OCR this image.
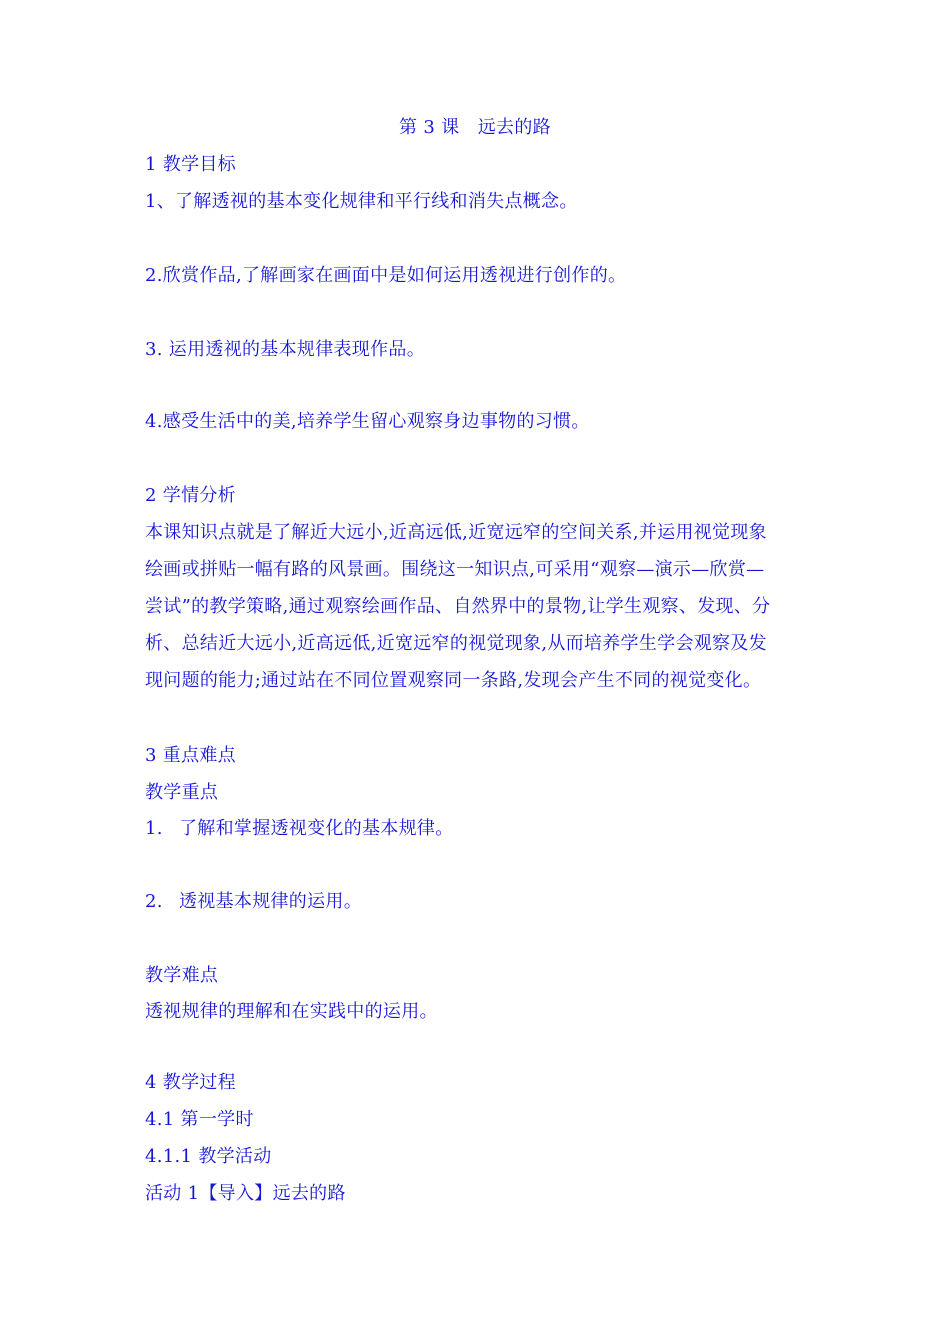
第 3 课　远去的路
1 教学目标
1、了解透视的基本变化规律和平行线和消失点概念。
2.欣赏作品,了解画家在画面中是如何运用透视进行创作的。
3. 运用透视的基本规律表现作品。
4.感受生活中的美,培养学生留心观察身边事物的习惯。
2 学情分析
本课知识点就是了解近大远小,近高远低,近宽远窄的空间关系,并运用视觉现象
绘画或拼贴一幅有路的风景画。围绕这一知识点,可采用“观察—演示—欣赏—
尝试”的教学策略,通过观察绘画作品、自然界中的景物,让学生观察、发现、分
析、总结近大远小,近高远低,近宽远窄的视觉现象,从而培养学生学会观察及发
现问题的能力;通过站在不同位置观察同一条路,发现会产生不同的视觉变化。
3 重点难点
教学重点
1. 了解和掌握透视变化的基本规律。
2. 透视基本规律的运用。
教学难点
透视规律的理解和在实践中的运用。
4 教学过程
4.1 第一学时
4.1.1 教学活动
活动 1【导入】远去的路
